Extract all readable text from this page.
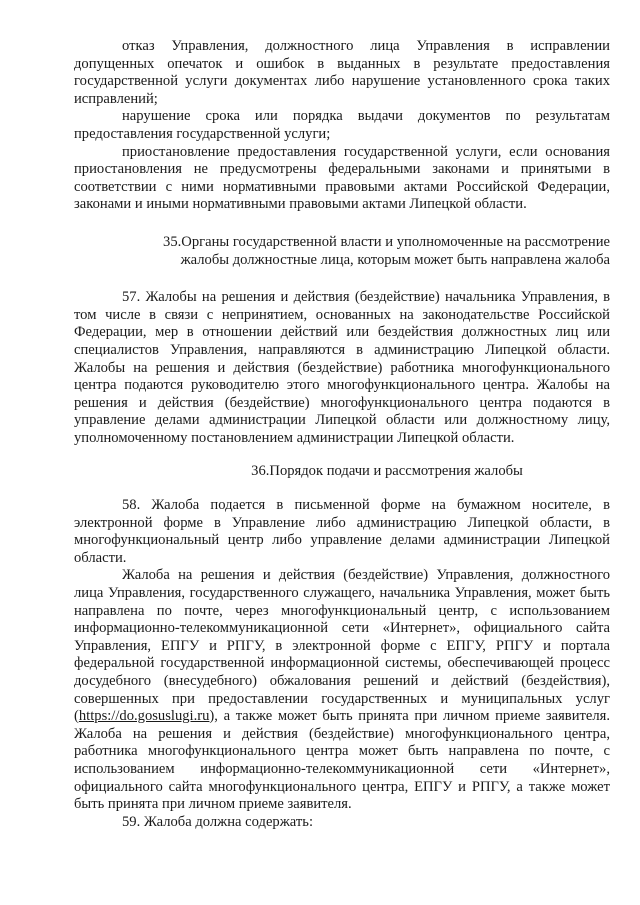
отказ Управления, должностного лица Управления в исправлении допущенных опечаток и ошибок в выданных в результате предоставления государственной услуги документах либо нарушение установленного срока таких исправлений;

нарушение срока или порядка выдачи документов по результатам предоставления государственной услуги;

приостановление предоставления государственной услуги, если основания приостановления не предусмотрены федеральными законами и принятыми в соответствии с ними нормативными правовыми актами Российской Федерации, законами и иными нормативными правовыми актами Липецкой области.

35.Органы государственной власти и уполномоченные на рассмотрение
жалобы должностные лица, которым может быть направлена жалоба

57. Жалобы на решения и действия (бездействие) начальника Управления, в том числе в связи с непринятием, основанных на законодательстве Российской Федерации, мер в отношении действий или бездействия должностных лиц или специалистов Управления, направляются в администрацию Липецкой области. Жалобы на решения и действия (бездействие) работника многофункционального центра подаются руководителю этого многофункционального центра. Жалобы на решения и действия (бездействие) многофункционального центра подаются в управление делами администрации Липецкой области или должностному лицу, уполномоченному постановлением администрации Липецкой области.

36.Порядок подачи и рассмотрения жалобы

58. Жалоба подается в письменной форме на бумажном носителе, в электронной форме в Управление либо администрацию Липецкой области, в многофункциональный центр либо управление делами администрации Липецкой области.

Жалоба на решения и действия (бездействие) Управления, должностного лица Управления, государственного служащего, начальника Управления, может быть направлена по почте, через многофункциональный центр, с использованием информационно-телекоммуникационной сети «Интернет», официального сайта Управления, ЕПГУ и РПГУ, в электронной форме с ЕПГУ, РПГУ и портала федеральной государственной информационной системы, обеспечивающей процесс досудебного (внесудебного) обжалования решений и действий (бездействия), совершенных при предоставлении государственных и муниципальных услуг (https://do.gosuslugi.ru), а также может быть принята при личном приеме заявителя. Жалоба на решения и действия (бездействие) многофункционального центра, работника многофункционального центра может быть направлена по почте, с использованием информационно-телекоммуникационной сети «Интернет», официального сайта многофункционального центра, ЕПГУ и РПГУ, а также может быть принята при личном приеме заявителя.

59. Жалоба должна содержать:
